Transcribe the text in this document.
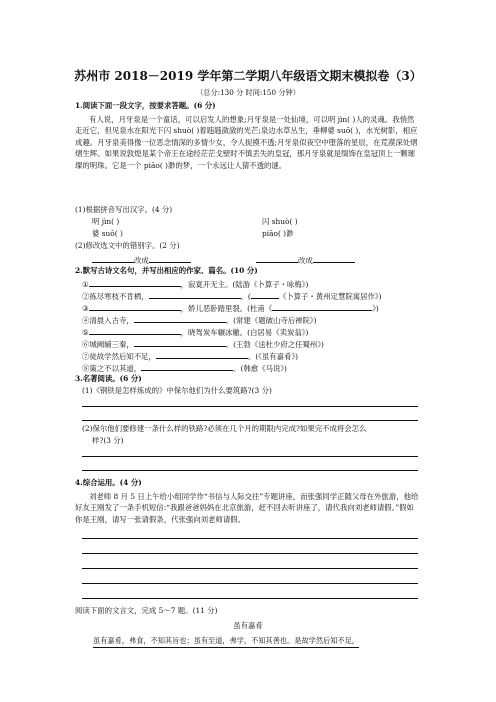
苏州市 2018－2019 学年第二学期八年级语文期末模拟卷（3）
（总分:130 分 时间:150 分钟）
1.阅读下面一段文字，按要求答题。(6 分)
有人说，月牙泉是一个童话，可以启发人的想象;月牙泉是一处仙境，可以明 jìn( )人的灵魂。我悄然走近它，但见泉水在阳光下闪 shuò( )着韪韪潋潋的光芒;泉边水草丛生，垂柳婆 suō( )，水光树影，相应成趣。月牙泉美得像一位恶念情深的多情少女，令人捉摸不透;月牙泉似夜空中堕落的星辰，在荒漠深处熠熠生辉。如果说敦煌是某个帝王在途经茫茫戈壁时不慎丢失的皇冠，那月牙泉就是缀饰在皇冠顶上一颗璀璨的明珠。它是一个 piāo( )渺的梦，一个永远让人猜不透的谜。
(1)根据拼音写出汉字。(4 分)
明 jìn( )	闪 shuò( )
婆 suō( )	piāo( )渺
(2)修改选文中的错别字。(2 分)
改成	改成
2.默写古诗文名句，并写出相应的作家、篇名。(10 分)
①	，寂寞开无主。(陆游《卜算子・咏梅》)
②拣尽寒枝不肯栖，	。(	《卜算子・黄州定慧院寓居作》)
③	，娇儿恶卧踏里裂。(杜甫《	》)
④清晨入古寺，	。(常建《题破山寺后禅院》)
⑤	，晓驾炭车辗冰辙。(白居易《卖炭翁》)
⑥城阙辅三秦，	。(王勃《送杜少府之任蜀州》)
⑦徒故学然后知不足，	。(《虽有嘉肴》)
⑧策之不以其道，	。(韩愈《马说》)
3.名著阅读。(6 分)
(1)《钢铁是怎样炼成的》中保尔他们为什么要筑路?(3 分)
(2)保尔他们要修建一条什么样的铁路?必须在几个月的期限内完成?如果完不成将会怎么
样?(3 分)
4.综合运用。(4 分)
刘老师 8 月 5 日上午给小组同学作“书信与人际交往”专题讲座，而张强同学正随父母在外旅游，他给好友王刚发了一条手机短信:“我跟爸爸妈妈在北京旅游，赶不回去听讲座了，请代我向刘老师请假。”假如你是王刚，请写一张请假条，代张强向刘老师请假。
阅读下面的文言文，完成 5～7 题。(11 分)
虽有嘉肴
虽有嘉肴，弗食，不知其旨也；虽有至道，弗学，不知其善也。是故学然后知不足，
